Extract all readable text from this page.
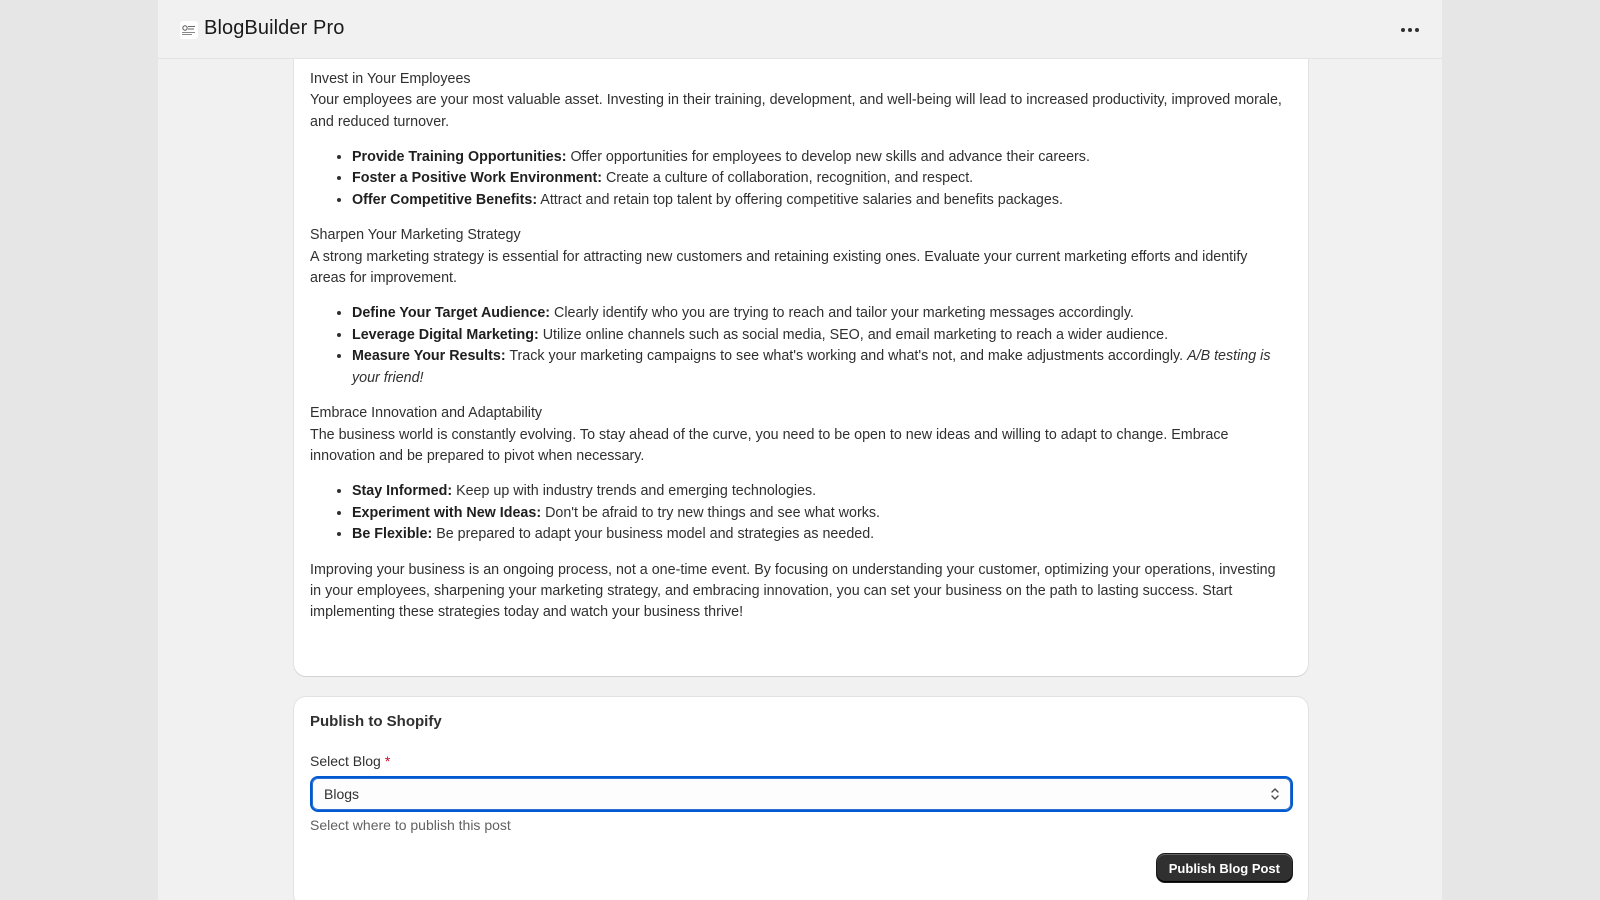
BlogBuilder Pro
•
•

Invest in Your Employees

Your employees are your most valuable asset. Investing in their training, development, and well-being will lead to increased productivity, improved morale, and reduced turnover.

• Provide Training Opportunities: Offer opportunities for employees to develop new skills and advance their careers.
• Foster a Positive Work Environment: Create a culture of collaboration, recognition, and respect.
• Offer Competitive Benefits: Attract and retain top talent by offering competitive salaries and benefits packages.

Sharpen Your Marketing Strategy

A strong marketing strategy is essential for attracting new customers and retaining existing ones. Evaluate your current marketing efforts and identify areas for improvement.

• Define Your Target Audience: Clearly identify who you are trying to reach and tailor your marketing messages accordingly.
• Leverage Digital Marketing: Utilize online channels such as social media, SEO, and email marketing to reach a wider audience.
• Measure Your Results: Track your marketing campaigns to see what's working and what's not, and make adjustments accordingly. A/B testing is your friend!

Embrace Innovation and Adaptability

The business world is constantly evolving. To stay ahead of the curve, you need to be open to new ideas and willing to adapt to change. Embrace innovation and be prepared to pivot when necessary.

• Stay Informed: Keep up with industry trends and emerging technologies.
• Experiment with New Ideas: Don't be afraid to try new things and see what works.
• Be Flexible: Be prepared to adapt your business model and strategies as needed.

Improving your business is an ongoing process, not a one-time event. By focusing on understanding your customer, optimizing your operations, investing in your employees, sharpening your marketing strategy, and embracing innovation, you can set your business on the path to lasting success. Start implementing these strategies today and watch your business thrive!

Publish to Shopify
Select Blog *
Blogs
Select where to publish this post
Publish Blog Post
